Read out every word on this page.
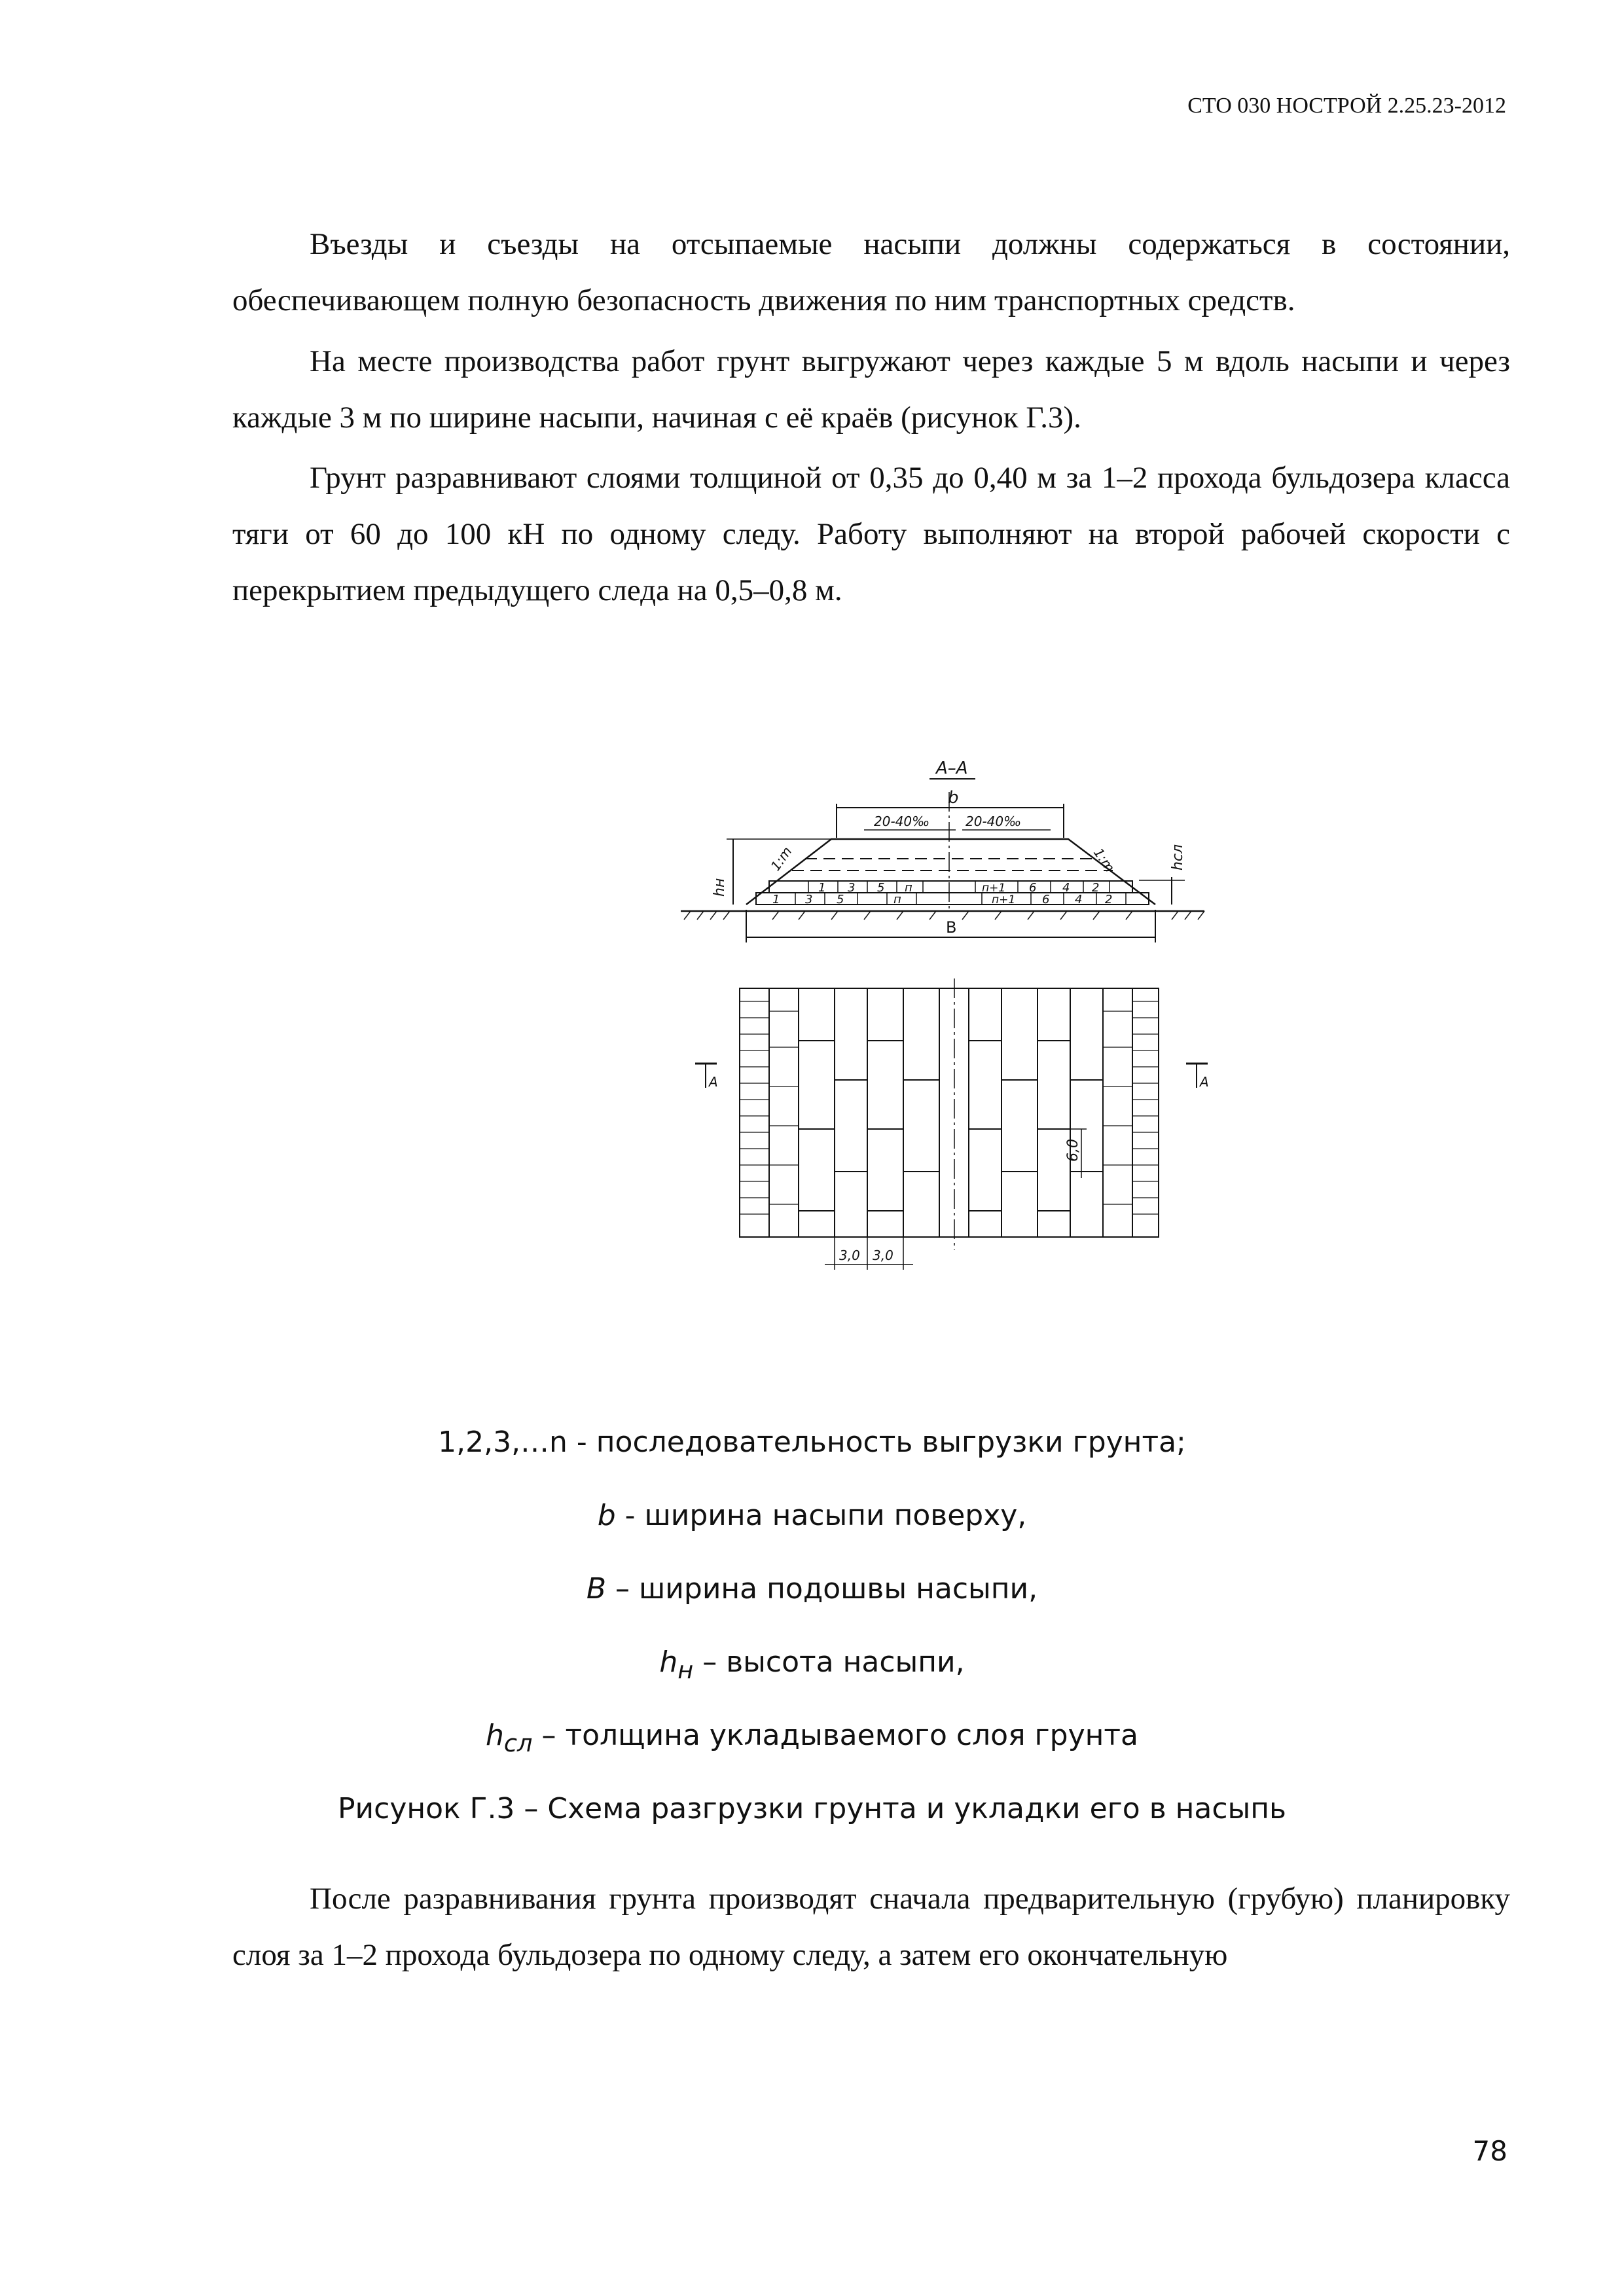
СТО 030 НОСТРОЙ 2.25.23-2012

Въезды и съезды на отсыпаемые насыпи должны содержаться в состоянии, обеспечивающем полную безопасность движения по ним транспортных средств.

На месте производства работ грунт выгружают через каждые 5 м вдоль насыпи и через каждые 3 м по ширине насыпи, начиная с её краёв (рисунок Г.3).

Грунт разравнивают слоями толщиной от 0,35 до 0,40 м за 1–2 прохода бульдозера класса тяги от 60 до 100 кН по одному следу. Работу выполняют на второй рабочей скорости с перекрытием предыдущего следа на 0,5–0,8 м.

А–А
b
20-40‰	20-40‰
1:m	1:m
hн
hсл
1 3 5 п	п+1 6 4 2
1 3 5	п	п+1 6 4 2
В
А	А
6,0
3,0 3,0
1,2,3,…n - последовательность выгрузки грунта;
b - ширина насыпи поверху,
В – ширина подошвы насыпи,
$h_н$ – высота насыпи,
$h_{сл}$ – толщина укладываемого слоя грунта
Рисунок Г.3 – Схема разгрузки грунта и укладки его в насыпь

После разравнивания грунта производят сначала предварительную (грубую) планировку слоя за 1–2 прохода бульдозера по одному следу, а затем его окончательную

78
